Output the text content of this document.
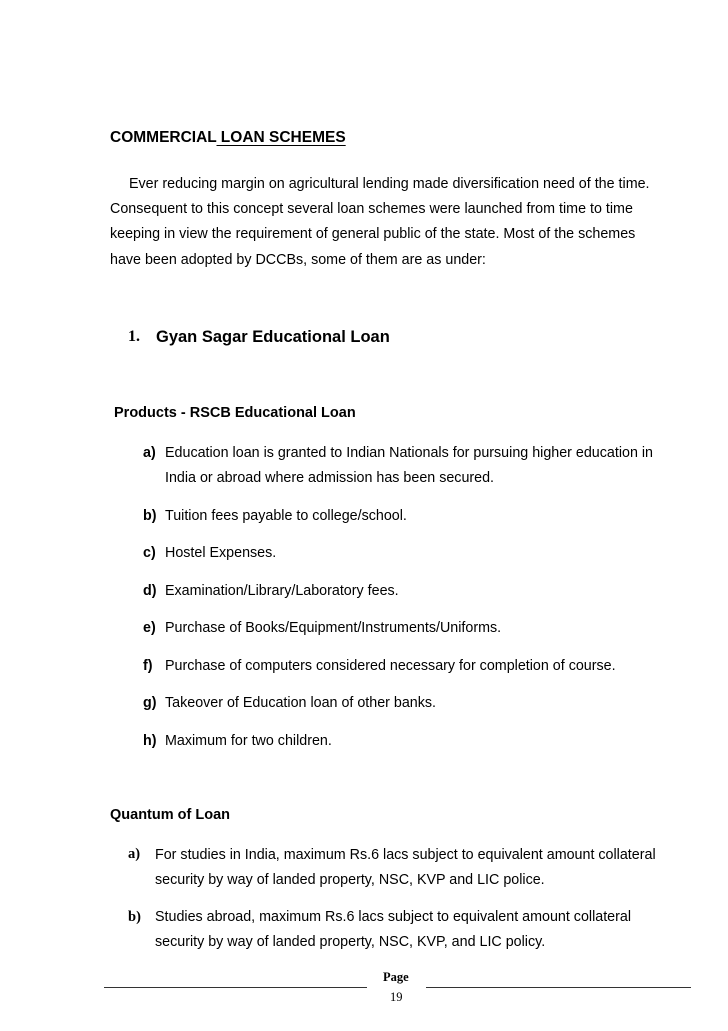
COMMERCIAL LOAN SCHEMES
Ever reducing margin on agricultural lending made diversification need of the time.
Consequent to this concept several loan schemes were launched from time to time
keeping in view the requirement of general public of the state. Most of the schemes
have been adopted by DCCBs, some of them are as under:
1. Gyan Sagar Educational Loan
Products - RSCB Educational Loan
a) Education loan is granted to Indian Nationals for pursuing higher education in
India or abroad where admission has been secured.
b) Tuition fees payable to college/school.
c) Hostel Expenses.
d) Examination/Library/Laboratory fees.
e) Purchase of Books/Equipment/Instruments/Uniforms.
f) Purchase of computers considered necessary for completion of course.
g) Takeover of Education loan of other banks.
h) Maximum for two children.
Quantum of Loan
a) For studies in India, maximum Rs.6 lacs subject to equivalent amount collateral
security by way of landed property, NSC, KVP and LIC police.
b) Studies abroad, maximum Rs.6 lacs subject to equivalent amount collateral
security by way of landed property, NSC, KVP, and LIC policy.
Page
19
